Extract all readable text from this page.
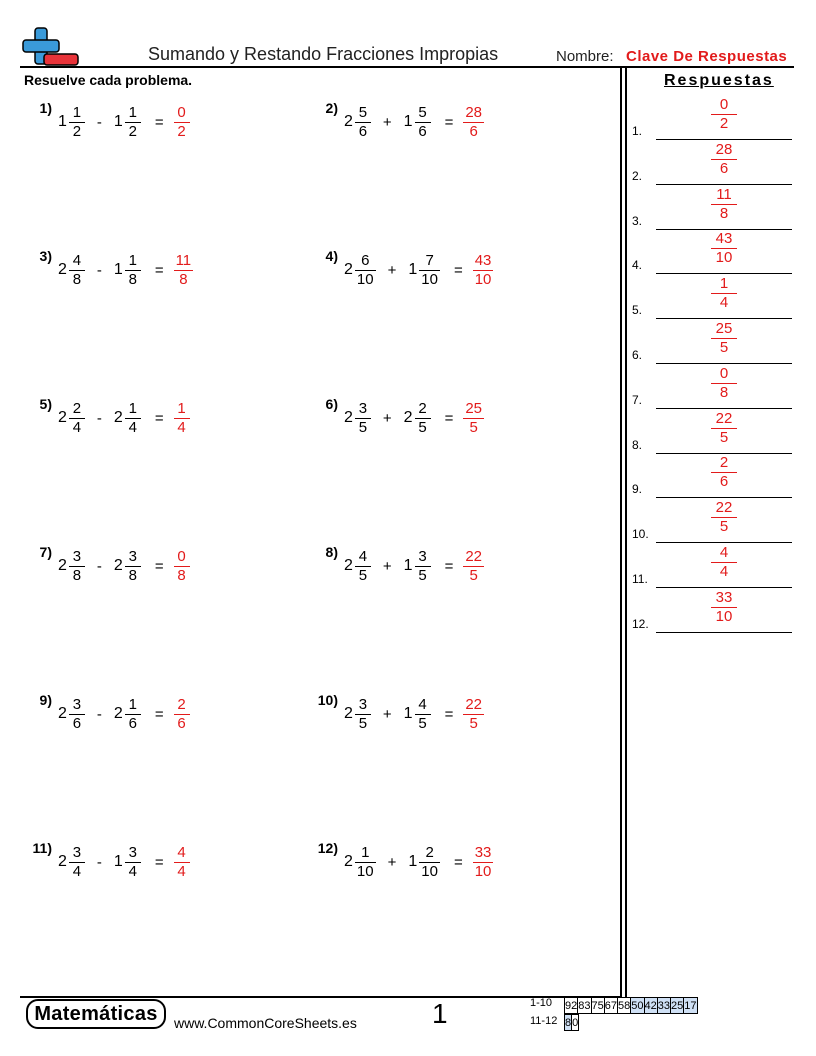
Sumando y Restando Fracciones Impropias	Nombre: Clave De Respuestas
Resuelve cada problema.
1)
$1 \frac{1}{2} - 1 \frac{1}{2} = \frac{0}{2}$	2)
$2 \frac{5}{6} + 1 \frac{5}{6} = \frac{28}{6}$
3)
$2 \frac{4}{8} - 1 \frac{1}{8} = \frac{11}{8}$	4)
$2 \frac{6}{10} + 1 \frac{7}{10} = \frac{43}{10}$
5)
$2 \frac{2}{4} - 2 \frac{1}{4} = \frac{1}{4}$	6)
$2 \frac{3}{5} + 2 \frac{2}{5} = \frac{25}{5}$
7)
$2 \frac{3}{8} - 2 \frac{3}{8} = \frac{0}{8}$	8)
$2 \frac{4}{5} + 1 \frac{3}{5} = \frac{22}{5}$
9)
$2 \frac{3}{6} - 2 \frac{1}{6} = \frac{2}{6}$	10)
$2 \frac{3}{5} + 1 \frac{4}{5} = \frac{22}{5}$
11)
$2 \frac{3}{4} - 1 \frac{3}{4} = \frac{4}{4}$	12)
$2 \frac{1}{10} + 1 \frac{2}{10} = \frac{33}{10}$
Respuestas
1.
0
2
2.
28
6
3.
11
8
4.
43
10
5.
1
4
6.
25
5
7.
0
8
8.
22
5
9.
2
6
10.
22
5
11.
4
4
12.
33
10
Matemáticas	www.CommonCoreSheets.es	1	1-10
11-12
92	83	75	67	58	50	42	33	25	17
8	0
